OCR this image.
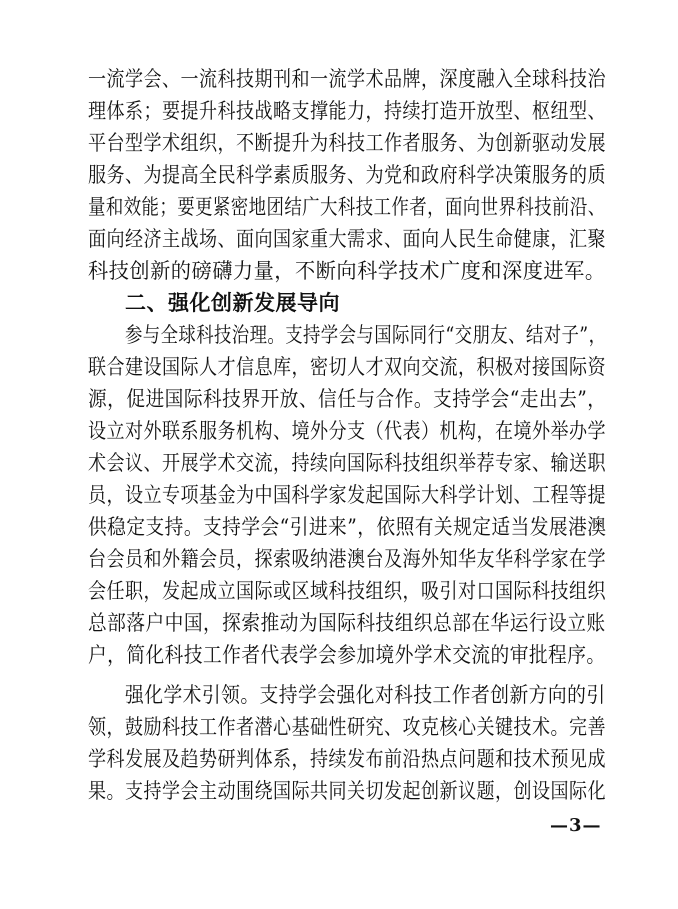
一流学会、一流科技期刊和一流学术品牌，深度融入全球科技治
理体系；要提升科技战略支撑能力，持续打造开放型、枢纽型、
平台型学术组织，不断提升为科技工作者服务、为创新驱动发展
服务、为提高全民科学素质服务、为党和政府科学决策服务的质
量和效能；要更紧密地团结广大科技工作者，面向世界科技前沿、
面向经济主战场、面向国家重大需求、面向人民生命健康，汇聚
科技创新的磅礴力量，不断向科学技术广度和深度进军。
二、强化创新发展导向
参与全球科技治理。支持学会与国际同行“交朋友、结对子”，
联合建设国际人才信息库，密切人才双向交流，积极对接国际资
源，促进国际科技界开放、信任与合作。支持学会“走出去”，
设立对外联系服务机构、境外分支（代表）机构，在境外举办学
术会议、开展学术交流，持续向国际科技组织举荐专家、输送职
员，设立专项基金为中国科学家发起国际大科学计划、工程等提
供稳定支持。支持学会“引进来”，依照有关规定适当发展港澳
台会员和外籍会员，探索吸纳港澳台及海外知华友华科学家在学
会任职，发起成立国际或区域科技组织，吸引对口国际科技组织
总部落户中国，探索推动为国际科技组织总部在华运行设立账
户，简化科技工作者代表学会参加境外学术交流的审批程序。
强化学术引领。支持学会强化对科技工作者创新方向的引
领，鼓励科技工作者潜心基础性研究、攻克核心关键技术。完善
学科发展及趋势研判体系，持续发布前沿热点问题和技术预见成
果。支持学会主动围绕国际共同关切发起创新议题，创设国际化
—3—
